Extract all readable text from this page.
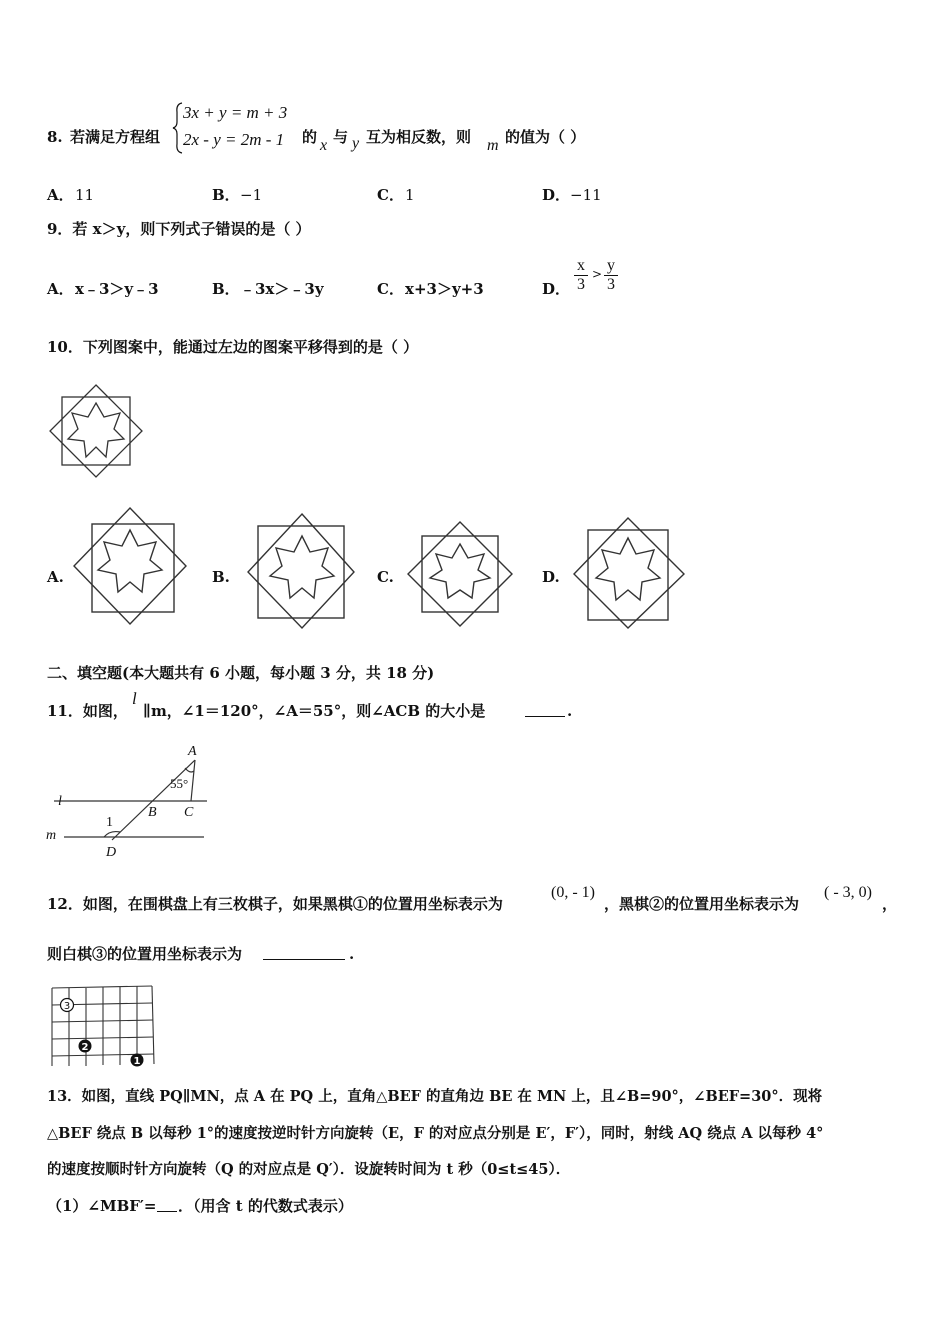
8. 若满足方程组
3x + y = m + 3
2x - y = 2m - 1 的 x 与 y 互为相反数，则 m 的值为（ ）
A． 11	B． −1	C． 1	D． −11
9．若 x＞y，则下列式子错误的是（ ）
A． x﹣3＞y﹣3	B． ﹣3x＞﹣3y	C． x+3＞y+3	D．
x
3
> y
3
10．下列图案中，能通过左边的图案平移得到的是（ ）
A.	B.	C.	D.
二、填空题(本大题共有 6 小题，每小题 3 分，共 18 分)
11．如图，
l
∥m，∠1＝120°，∠A＝55°，则∠ACB 的大小是	.
A
55°
l
B C
1
m
D
12．如图，在围棋盘上有三枚棋子，如果黑棋①的位置用坐标表示为
(0, - 1)
，黑棋②的位置用坐标表示为
( - 3, 0)
，
则白棋③的位置用坐标表示为	.
3
2
1
13．如图，直线 PQ∥MN，点 A 在 PQ 上，直角△BEF 的直角边 BE 在 MN 上，且∠B=90°，∠BEF=30°．现将
△BEF 绕点 B 以每秒 1°的速度按逆时针方向旋转（E，F 的对应点分别是 E′，F′），同时，射线 AQ 绕点 A 以每秒 4°
的速度按顺时针方向旋转（Q 的对应点是 Q′）．设旋转时间为 t 秒（0≤t≤45）．
（1）∠MBF′= ．（用含 t 的代数式表示）
